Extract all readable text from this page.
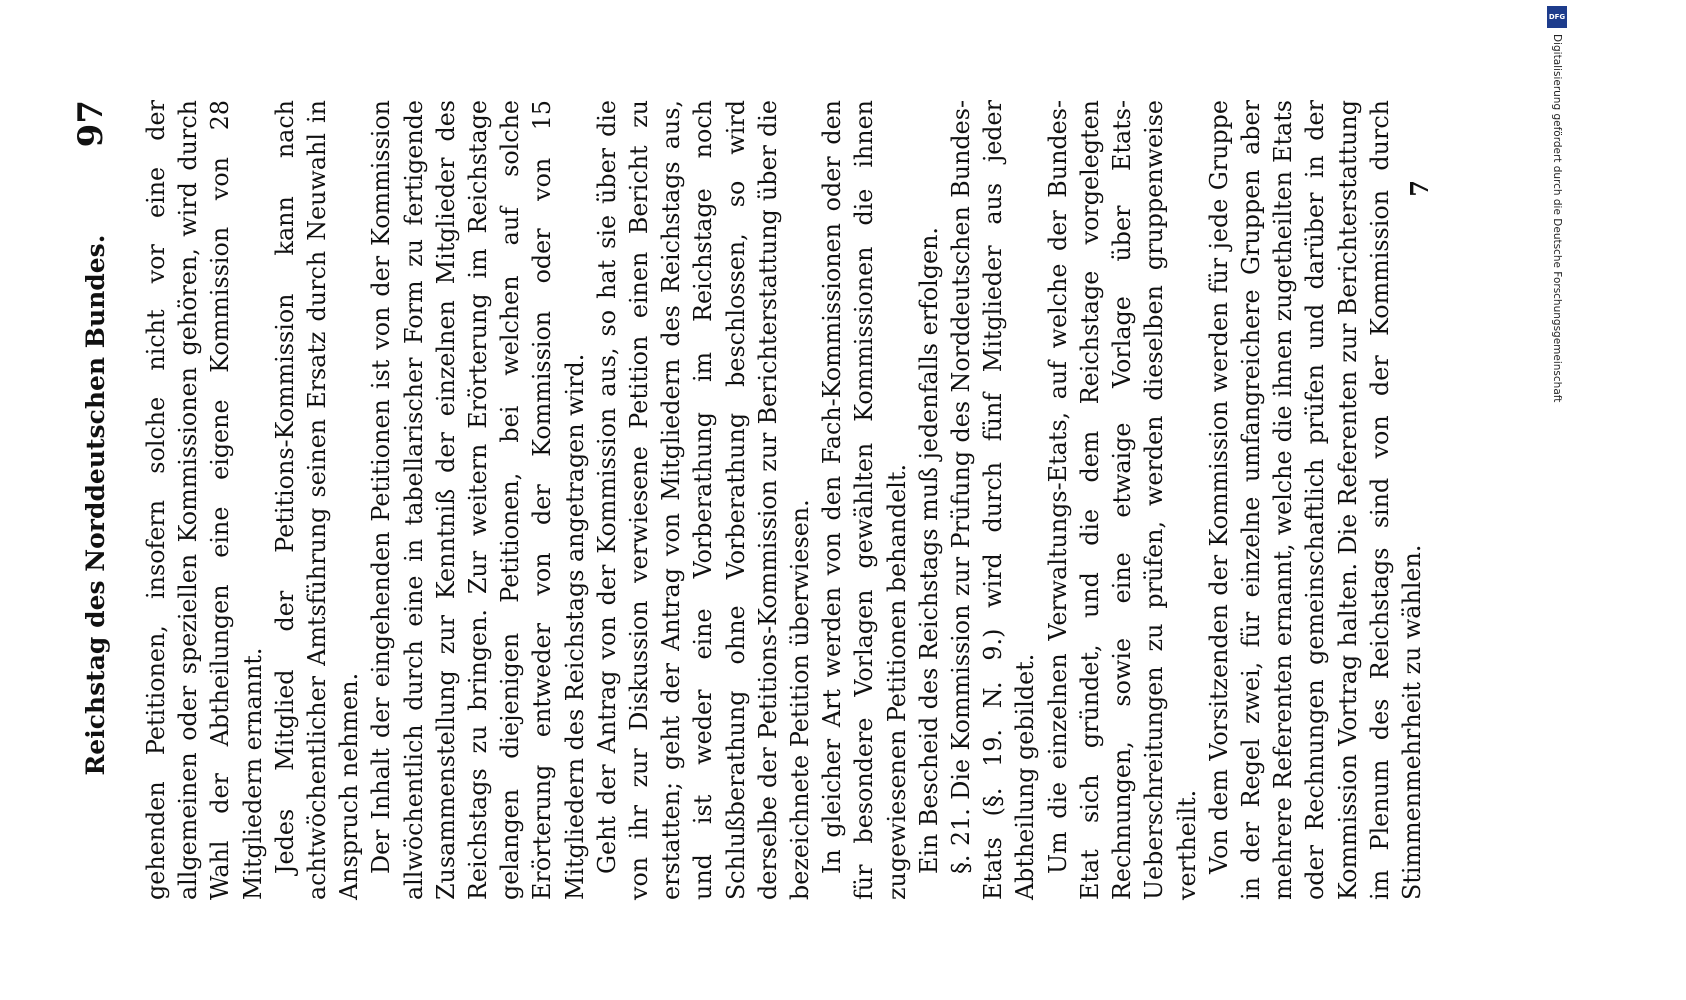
Reichstag des Norddeutschen Bundes.
97 gehenden Petitionen, insofern solche nicht vor eine der allgemeinen oder speziellen Kommissionen gehören, wird durch Wahl der Abtheilungen eine eigene Kommission von 28 Mitgliedern ernannt. Jedes Mitglied der Petitions-Kommission kann nach achtwöchentlicher Amtsführung seinen Ersatz durch Neuwahl in Anspruch nehmen. Der Inhalt der eingehenden Petitionen ist von der Kommission allwöchentlich durch eine in tabellarischer Form zu fertigende Zusammenstellung zur Kenntniß der einzelnen Mitglieder des Reichstags zu bringen. Zur weitern Erörterung im Reichstage gelangen diejenigen Petitionen, bei welchen auf solche Erörterung entweder von der Kommission oder von 15 Mitgliedern des Reichstags angetragen wird. Geht der Antrag von der Kommission aus, so hat sie über die von ihr zur Diskussion verwiesene Petition einen Bericht zu erstatten; geht der Antrag von Mitgliedern des Reichstags aus, und ist weder eine Vorberathung im Reichstage noch Schlußberathung ohne Vorberathung beschlossen, so wird derselbe der Petitions-Kommission zur Berichterstattung über die bezeichnete Petition überwiesen. In gleicher Art werden von den Fach-Kommissionen oder den für besondere Vorlagen gewählten Kommissionen die ihnen zugewiesenen Petitionen behandelt. Ein Bescheid des Reichstags muß jedenfalls erfolgen. §. 21. Die Kommission zur Prüfung des Norddeutschen Bundes-Etats (§. 19. N. 9.) wird durch fünf Mitglieder aus jeder Abtheilung gebildet. Um die einzelnen Verwaltungs-Etats, auf welche der Bundes-Etat sich gründet, und die dem Reichstage vorgelegten Rechnungen, sowie eine etwaige Vorlage über Etats-Ueberschreitungen zu prüfen, werden dieselben gruppenweise vertheilt. Von dem Vorsitzenden der Kommission werden für jede Gruppe in der Regel zwei, für einzelne umfangreichere Gruppen aber mehrere Referenten ernannt, welche die ihnen zugetheilten Etats oder Rechnungen gemeinschaftlich prüfen und darüber in der Kommission Vortrag halten. Die Referenten zur Berichterstattung im Plenum des Reichstags sind von der Kommission durch Stimmenmehrheit zu wählen.

7
DFG
Digitalisierung gefördert durch die Deutsche Forschungsgemeinschaft
